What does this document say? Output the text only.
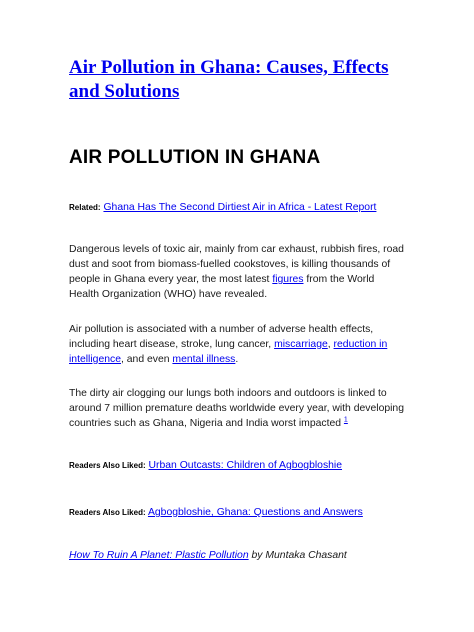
Air Pollution in Ghana: Causes, Effects
and Solutions
AIR POLLUTION IN GHANA

Related: Ghana Has The Second Dirtiest Air in Africa - Latest Report

Dangerous levels of toxic air, mainly from car exhaust, rubbish fires, road dust and soot from biomass-fuelled cookstoves, is killing thousands of people in Ghana every year, the most latest figures from the World Health Organization (WHO) have revealed.

Air pollution is associated with a number of adverse health effects, including heart disease, stroke, lung cancer, miscarriage, reduction in intelligence, and even mental illness.

The dirty air clogging our lungs both indoors and outdoors is linked to around 7 million premature deaths worldwide every year, with developing countries such as Ghana, Nigeria and India worst impacted $^1$

Readers Also Liked: Urban Outcasts: Children of Agbogbloshie

Readers Also Liked: Agbogbloshie, Ghana: Questions and Answers

How To Ruin A Planet: Plastic Pollution by Muntaka Chasant
